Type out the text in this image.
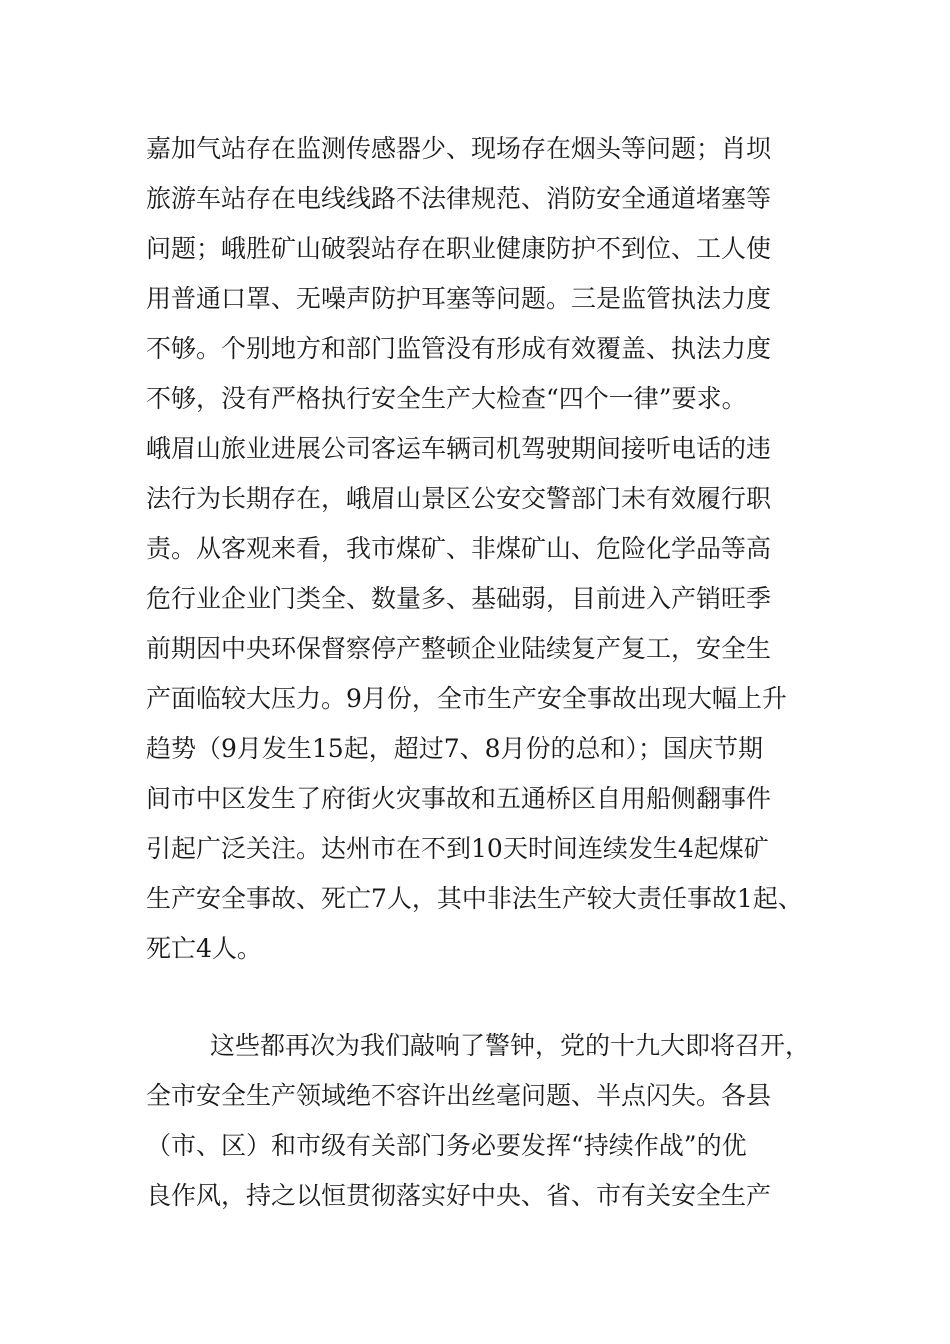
嘉加气站存在监测传感器少、现场存在烟头等问题；肖坝
旅游车站存在电线线路不法律规范、消防安全通道堵塞等
问题；峨胜矿山破裂站存在职业健康防护不到位、工人使
用普通口罩、无噪声防护耳塞等问题。三是监管执法力度
不够。个别地方和部门监管没有形成有效覆盖、执法力度
不够，没有严格执行安全生产大检查“四个一律”要求。
峨眉山旅业进展公司客运车辆司机驾驶期间接听电话的违
法行为长期存在，峨眉山景区公安交警部门未有效履行职
责。从客观来看，我市煤矿、非煤矿山、危险化学品等高
危行业企业门类全、数量多、基础弱，目前进入产销旺季
前期因中央环保督察停产整顿企业陆续复产复工，安全生
产面临较大压力。9月份，全市生产安全事故出现大幅上升
趋势（9月发生15起，超过7、8月份的总和）；国庆节期
间市中区发生了府街火灾事故和五通桥区自用船侧翻事件
引起广泛关注。达州市在不到10天时间连续发生4起煤矿
生产安全事故、死亡7人，其中非法生产较大责任事故1起、
死亡4人。
这些都再次为我们敲响了警钟，党的十九大即将召开，
全市安全生产领域绝不容许出丝毫问题、半点闪失。各县
（市、区）和市级有关部门务必要发挥“持续作战”的优
良作风，持之以恒贯彻落实好中央、省、市有关安全生产
